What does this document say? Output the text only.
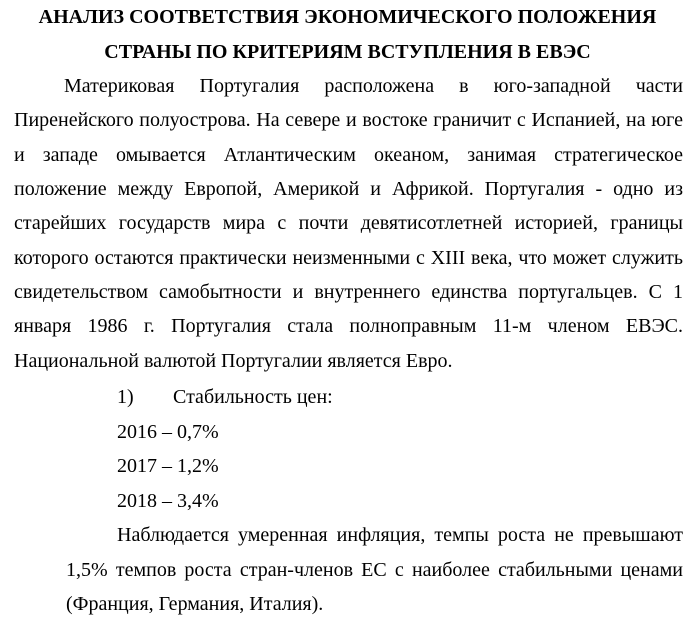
АНАЛИЗ СООТВЕТСТВИЯ ЭКОНОМИЧЕСКОГО ПОЛОЖЕНИЯ
СТРАНЫ ПО КРИТЕРИЯМ ВСТУПЛЕНИЯ В ЕВЭС
Материковая Португалия расположена в юго-западной части
Пиренейского полуострова. На севере и востоке граничит с Испанией, на юге
и западе омывается Атлантическим океаном, занимая стратегическое
положение между Европой, Америкой и Африкой. Португалия - одно из
старейших государств мира с почти девятисотлетней историей, границы
которого остаются практически неизменными с XIII века, что может служить
свидетельством самобытности и внутреннего единства португальцев. С 1
января 1986 г. Португалия стала полноправным 11-м членом ЕВЭС.
Национальной валютой Португалии является Евро.
1) Стабильность цен:
2016 – 0,7%
2017 – 1,2%
2018 – 3,4%
Наблюдается умеренная инфляция, темпы роста не превышают
1,5% темпов роста стран-членов ЕС с наиболее стабильными ценами
(Франция, Германия, Италия).
